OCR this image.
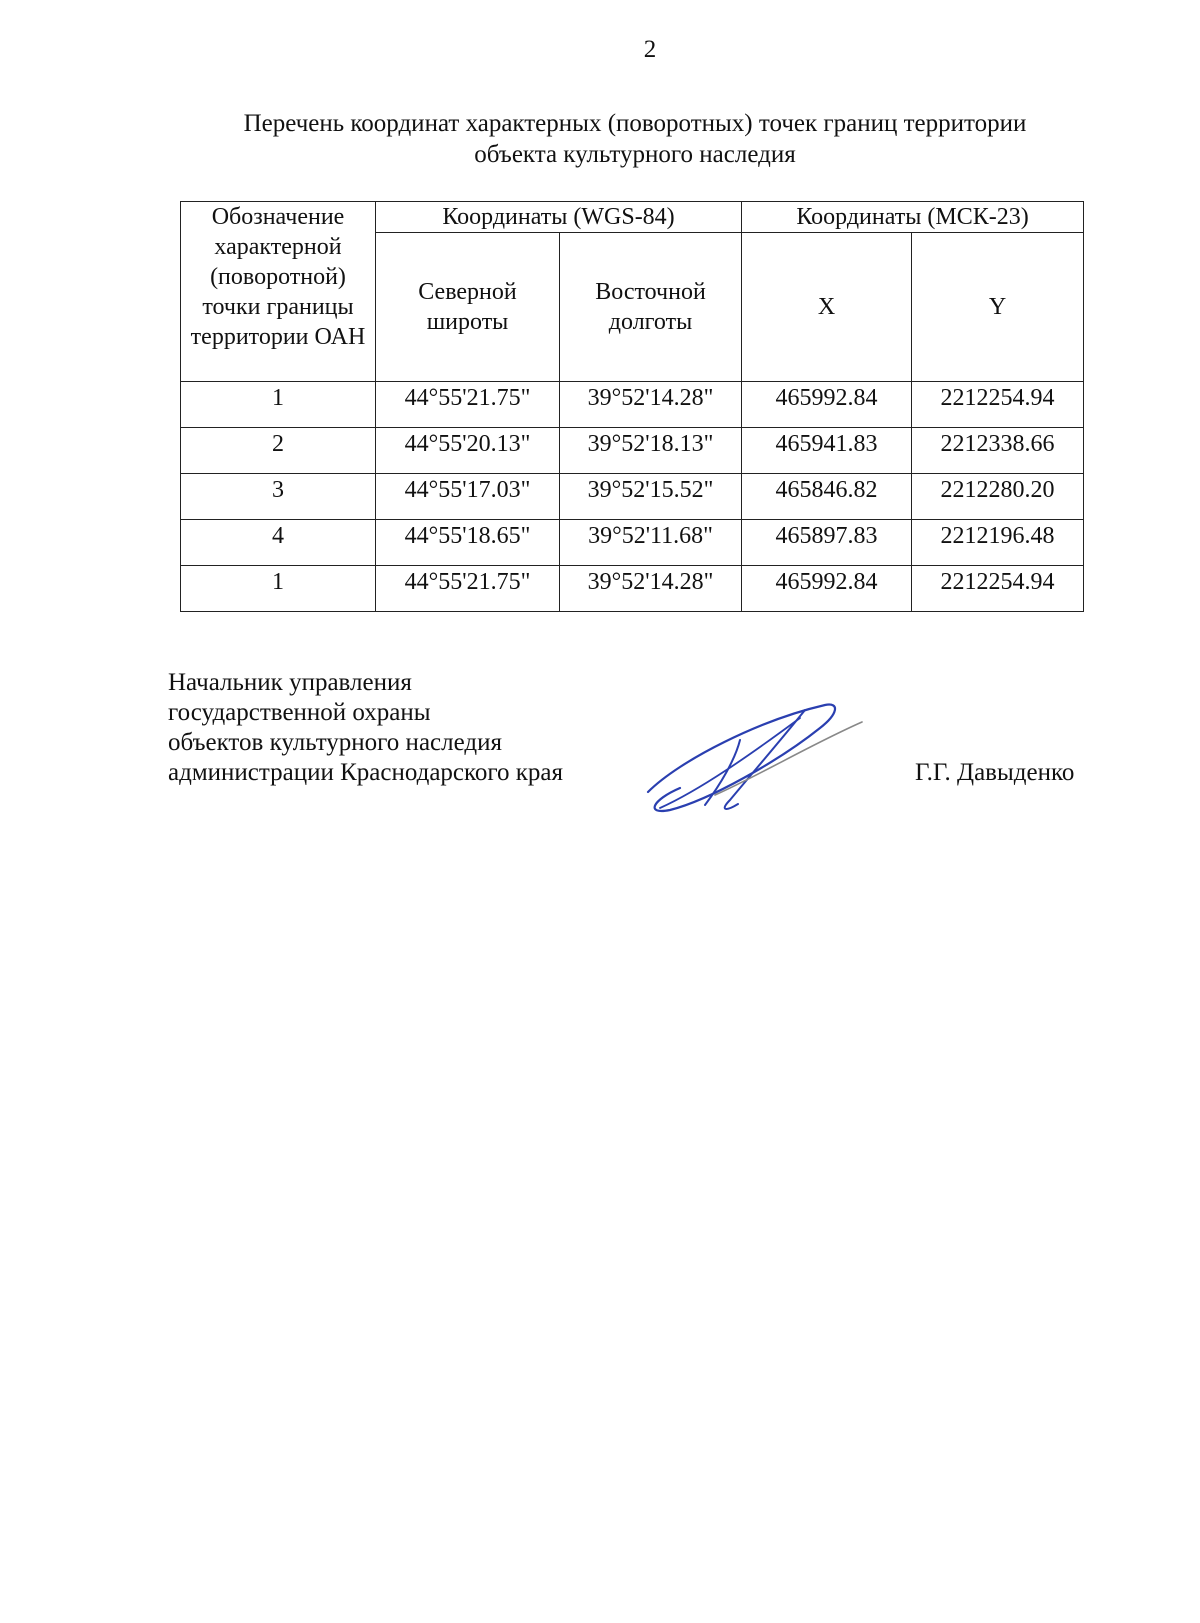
2
Перечень координат характерных (поворотных) точек границ территории
объекта культурного наследия
Обозначение характерной (поворотной) точки границы территории ОАН	Координаты (WGS-84)		Координаты (МСК-23)	
	Северной широты	Восточной долготы	X	Y
1	44°55'21.75"	39°52'14.28"	465992.84	2212254.94
2	44°55'20.13"	39°52'18.13"	465941.83	2212338.66
3	44°55'17.03"	39°52'15.52"	465846.82	2212280.20
4	44°55'18.65"	39°52'11.68"	465897.83	2212196.48
1	44°55'21.75"	39°52'14.28"	465992.84	2212254.94
Начальник управления
государственной охраны
объектов культурного наследия
администрации Краснодарского края	Г.Г. Давыденко
